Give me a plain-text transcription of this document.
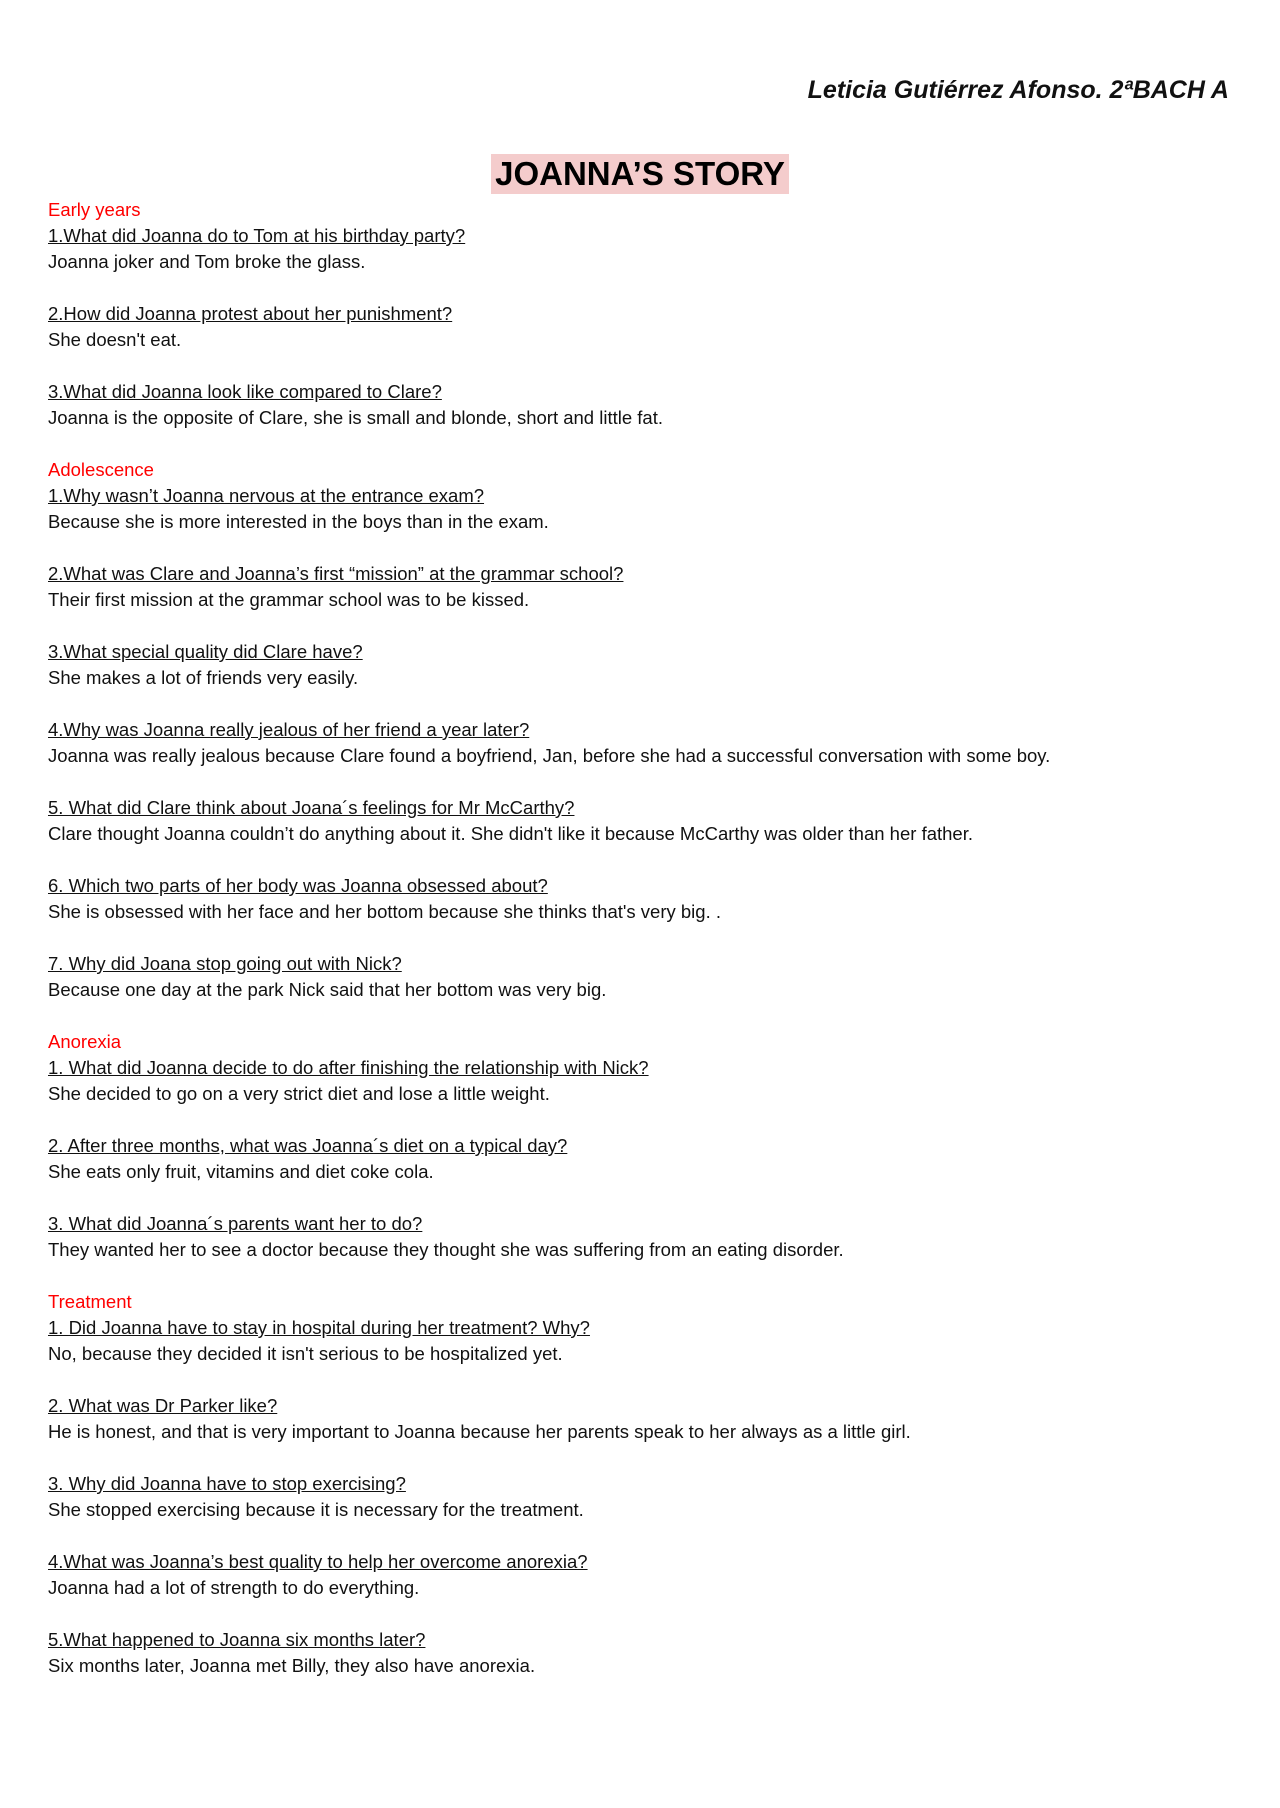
Leticia Gutiérrez Afonso. 2ªBACH A
JOANNA’S STORY

Early years

1.What did Joanna do to Tom at his birthday party?

Joanna joker and Tom broke the glass.

2.How did Joanna protest about her punishment?

She doesn't eat.

3.What did Joanna look like compared to Clare?

Joanna is the opposite of Clare, she is small and blonde, short and little fat.

Adolescence

1.Why wasn’t Joanna nervous at the entrance exam?

Because she is more interested in the boys than in the exam.

2.What was Clare and Joanna’s first “mission” at the grammar school?

Their first mission at the grammar school was to be kissed.

3.What special quality did Clare have?

She makes a lot of friends very easily.

4.Why was Joanna really jealous of her friend a year later?

Joanna was really jealous because Clare found a boyfriend, Jan, before she had a successful conversation with some boy.

5. What did Clare think about Joana´s feelings for Mr McCarthy?

Clare thought Joanna couldn’t do anything about it. She didn't like it because McCarthy was older than her father.

6. Which two parts of her body was Joanna obsessed about?

She is obsessed with her face and her bottom because she thinks that's very big. .

7. Why did Joana stop going out with Nick?

Because one day at the park Nick said that her bottom was very big.

Anorexia

1. What did Joanna decide to do after finishing the relationship with Nick?

She decided to go on a very strict diet and lose a little weight.

2. After three months, what was Joanna´s diet on a typical day?

She eats only fruit, vitamins and diet coke cola.

3. What did Joanna´s parents want her to do?

They wanted her to see a doctor because they thought she was suffering from an eating disorder.

Treatment

1. Did Joanna have to stay in hospital during her treatment? Why?

No, because they decided it isn't serious to be hospitalized yet.

2. What was Dr Parker like?

He is honest, and that is very important to Joanna because her parents speak to her always as a little girl.

3. Why did Joanna have to stop exercising?

She stopped exercising because it is necessary for the treatment.

4.What was Joanna’s best quality to help her overcome anorexia?

Joanna had a lot of strength to do everything.

5.What happened to Joanna six months later?

Six months later, Joanna met Billy, they also have anorexia.
